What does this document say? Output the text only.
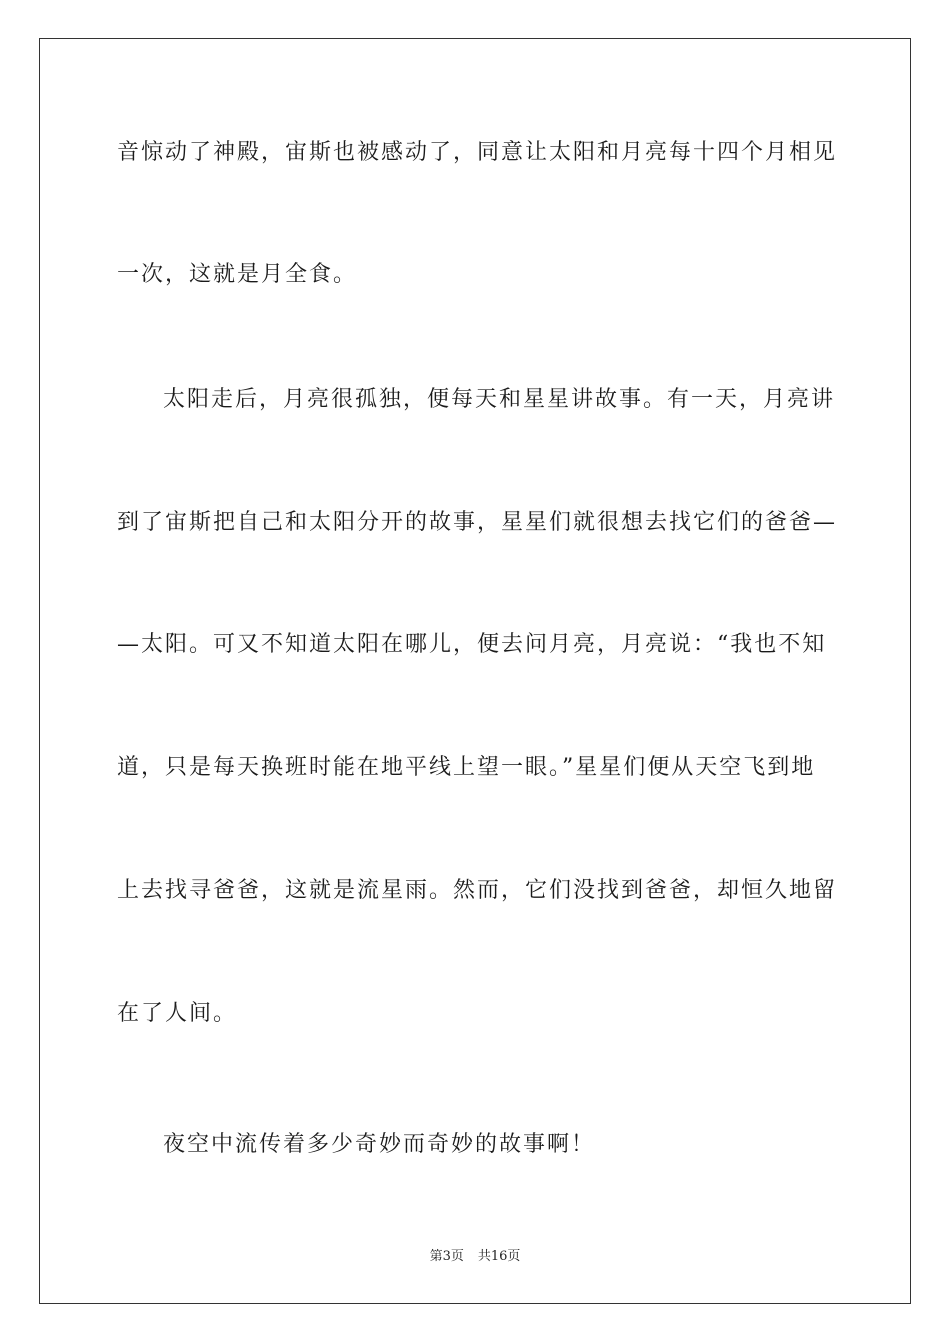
音惊动了神殿，宙斯也被感动了，同意让太阳和月亮每十四个月相见
一次，这就是月全食。
太阳走后，月亮很孤独，便每天和星星讲故事。有一天，月亮讲
到了宙斯把自己和太阳分开的故事，星星们就很想去找它们的爸爸—
—太阳。可又不知道太阳在哪儿，便去问月亮，月亮说：“我也不知
道，只是每天换班时能在地平线上望一眼。”星星们便从天空飞到地
上去找寻爸爸，这就是流星雨。然而，它们没找到爸爸，却恒久地留
在了人间。
夜空中流传着多少奇妙而奇妙的故事啊！
第3页 共16页
